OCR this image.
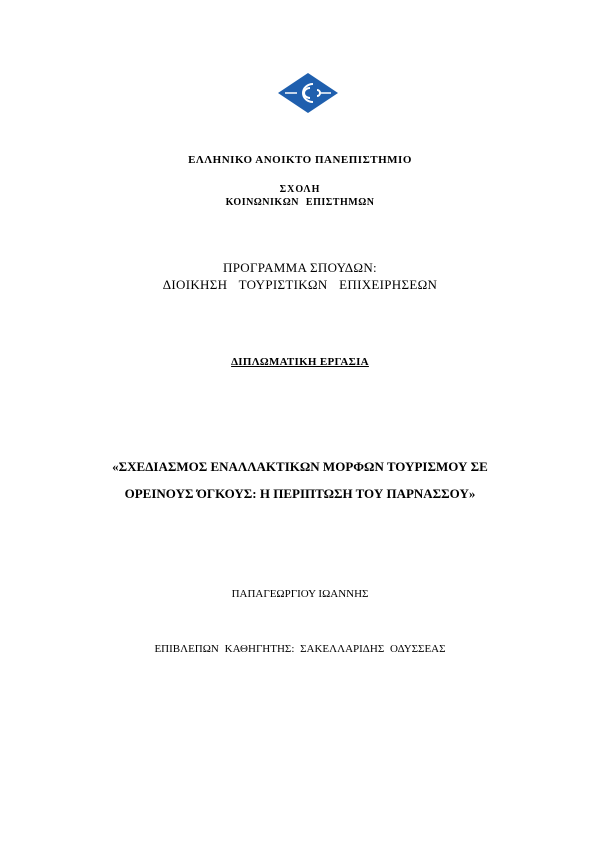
ΕΛΛΗΝΙΚΟ ΑΝΟΙΚΤΟ ΠΑΝΕΠΙΣΤΗΜΙΟ
ΣΧΟΛΗ
ΚΟΙΝΩΝΙΚΩΝ ΕΠΙΣΤΗΜΩΝ
ΠΡΟΓΡΑΜΜΑ ΣΠΟΥΔΩΝ:
ΔΙΟΙΚΗΣΗ ΤΟΥΡΙΣΤΙΚΩΝ ΕΠΙΧΕΙΡΗΣΕΩΝ
ΔΙΠΛΩΜΑΤΙΚΗ ΕΡΓΑΣΙΑ
«ΣΧΕΔΙΑΣΜΟΣ ΕΝΑΛΛΑΚΤΙΚΩΝ ΜΟΡΦΩΝ ΤΟΥΡΙΣΜΟΥ ΣΕ
ΟΡΕΙΝΟΥΣ ΌΓΚΟΥΣ: Η ΠΕΡΙΠΤΩΣΗ ΤΟΥ ΠΑΡΝΑΣΣΟΥ»
ΠΑΠΑΓΕΩΡΓΙΟΥ ΙΩΑΝΝΗΣ
ΕΠΙΒΛΕΠΩΝ ΚΑΘΗΓΗΤΗΣ: ΣΑΚΕΛΛΑΡΙΔΗΣ ΟΔΥΣΣΕΑΣ
